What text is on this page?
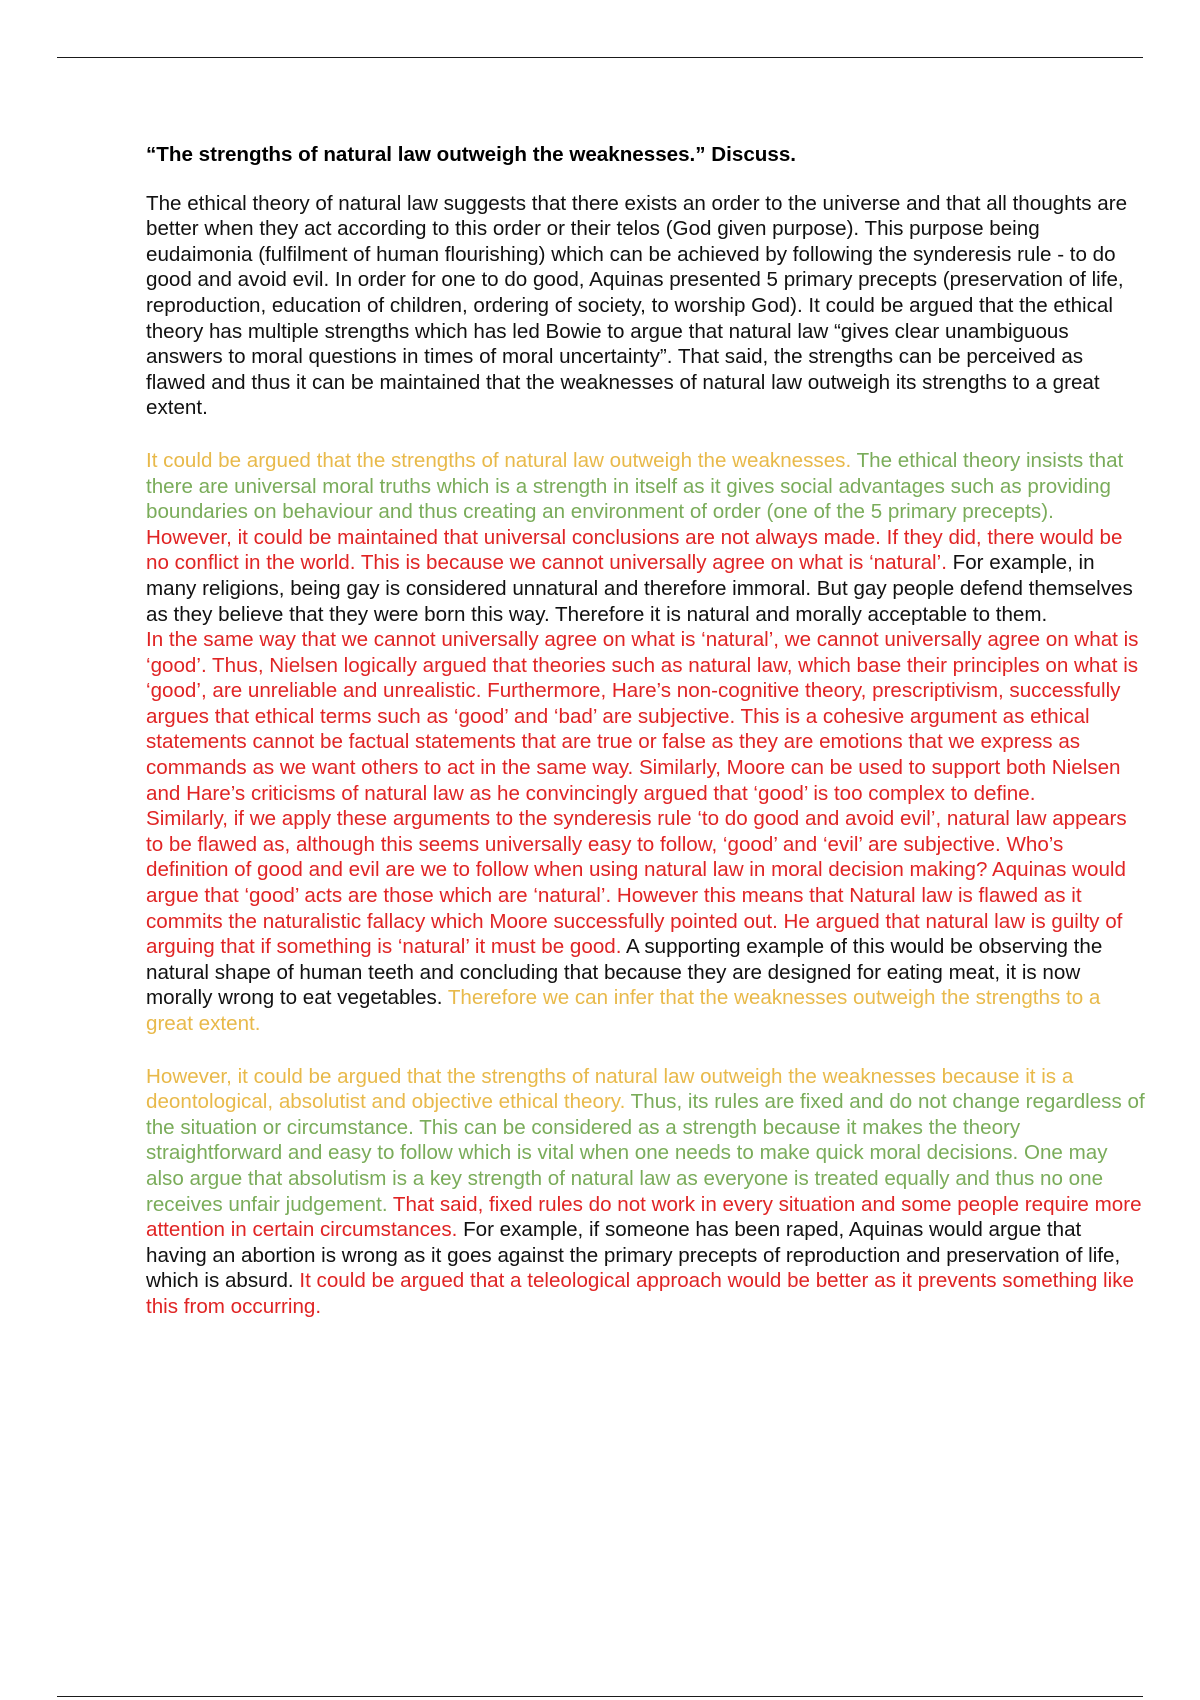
“The strengths of natural law outweigh the weaknesses.” Discuss.

The ethical theory of natural law suggests that there exists an order to the universe and that all thoughts are better when they act according to this order or their telos (God given purpose). This purpose being eudaimonia (fulfilment of human flourishing) which can be achieved by following the synderesis rule - to do good and avoid evil. In order for one to do good, Aquinas presented 5 primary precepts (preservation of life, reproduction, education of children, ordering of society, to worship God). It could be argued that the ethical theory has multiple strengths which has led Bowie to argue that natural law “gives clear unambiguous answers to moral questions in times of moral uncertainty”. That said, the strengths can be perceived as flawed and thus it can be maintained that the weaknesses of natural law outweigh its strengths to a great extent.

It could be argued that the strengths of natural law outweigh the weaknesses. The ethical theory insists that there are universal moral truths which is a strength in itself as it gives social advantages such as providing boundaries on behaviour and thus creating an environment of order (one of the 5 primary precepts).

However, it could be maintained that universal conclusions are not always made. If they did, there would be no conflict in the world. This is because we cannot universally agree on what is ‘natural’. For example, in many religions, being gay is considered unnatural and therefore immoral. But gay people defend themselves as they believe that they were born this way. Therefore it is natural and morally acceptable to them.

In the same way that we cannot universally agree on what is ‘natural’, we cannot universally agree on what is ‘good’. Thus, Nielsen logically argued that theories such as natural law, which base their principles on what is ‘good’, are unreliable and unrealistic. Furthermore, Hare’s non-cognitive theory, prescriptivism, successfully argues that ethical terms such as ‘good’ and ‘bad’ are subjective. This is a cohesive argument as ethical statements cannot be factual statements that are true or false as they are emotions that we express as commands as we want others to act in the same way. Similarly, Moore can be used to support both Nielsen and Hare’s criticisms of natural law as he convincingly argued that ‘good’ is too complex to define.

Similarly, if we apply these arguments to the synderesis rule ‘to do good and avoid evil’, natural law appears to be flawed as, although this seems universally easy to follow, ‘good’ and ‘evil’ are subjective. Who’s definition of good and evil are we to follow when using natural law in moral decision making? Aquinas would argue that ‘good’ acts are those which are ‘natural’. However this means that Natural law is flawed as it commits the naturalistic fallacy which Moore successfully pointed out. He argued that natural law is guilty of arguing that if something is ‘natural’ it must be good. A supporting example of this would be observing the natural shape of human teeth and concluding that because they are designed for eating meat, it is now morally wrong to eat vegetables. Therefore we can infer that the weaknesses outweigh the strengths to a great extent.

However, it could be argued that the strengths of natural law outweigh the weaknesses because it is a deontological, absolutist and objective ethical theory. Thus, its rules are fixed and do not change regardless of the situation or circumstance. This can be considered as a strength because it makes the theory straightforward and easy to follow which is vital when one needs to make quick moral decisions. One may also argue that absolutism is a key strength of natural law as everyone is treated equally and thus no one receives unfair judgement. That said, fixed rules do not work in every situation and some people require more attention in certain circumstances. For example, if someone has been raped, Aquinas would argue that having an abortion is wrong as it goes against the primary precepts of reproduction and preservation of life, which is absurd. It could be argued that a teleological approach would be better as it prevents something like this from occurring.
